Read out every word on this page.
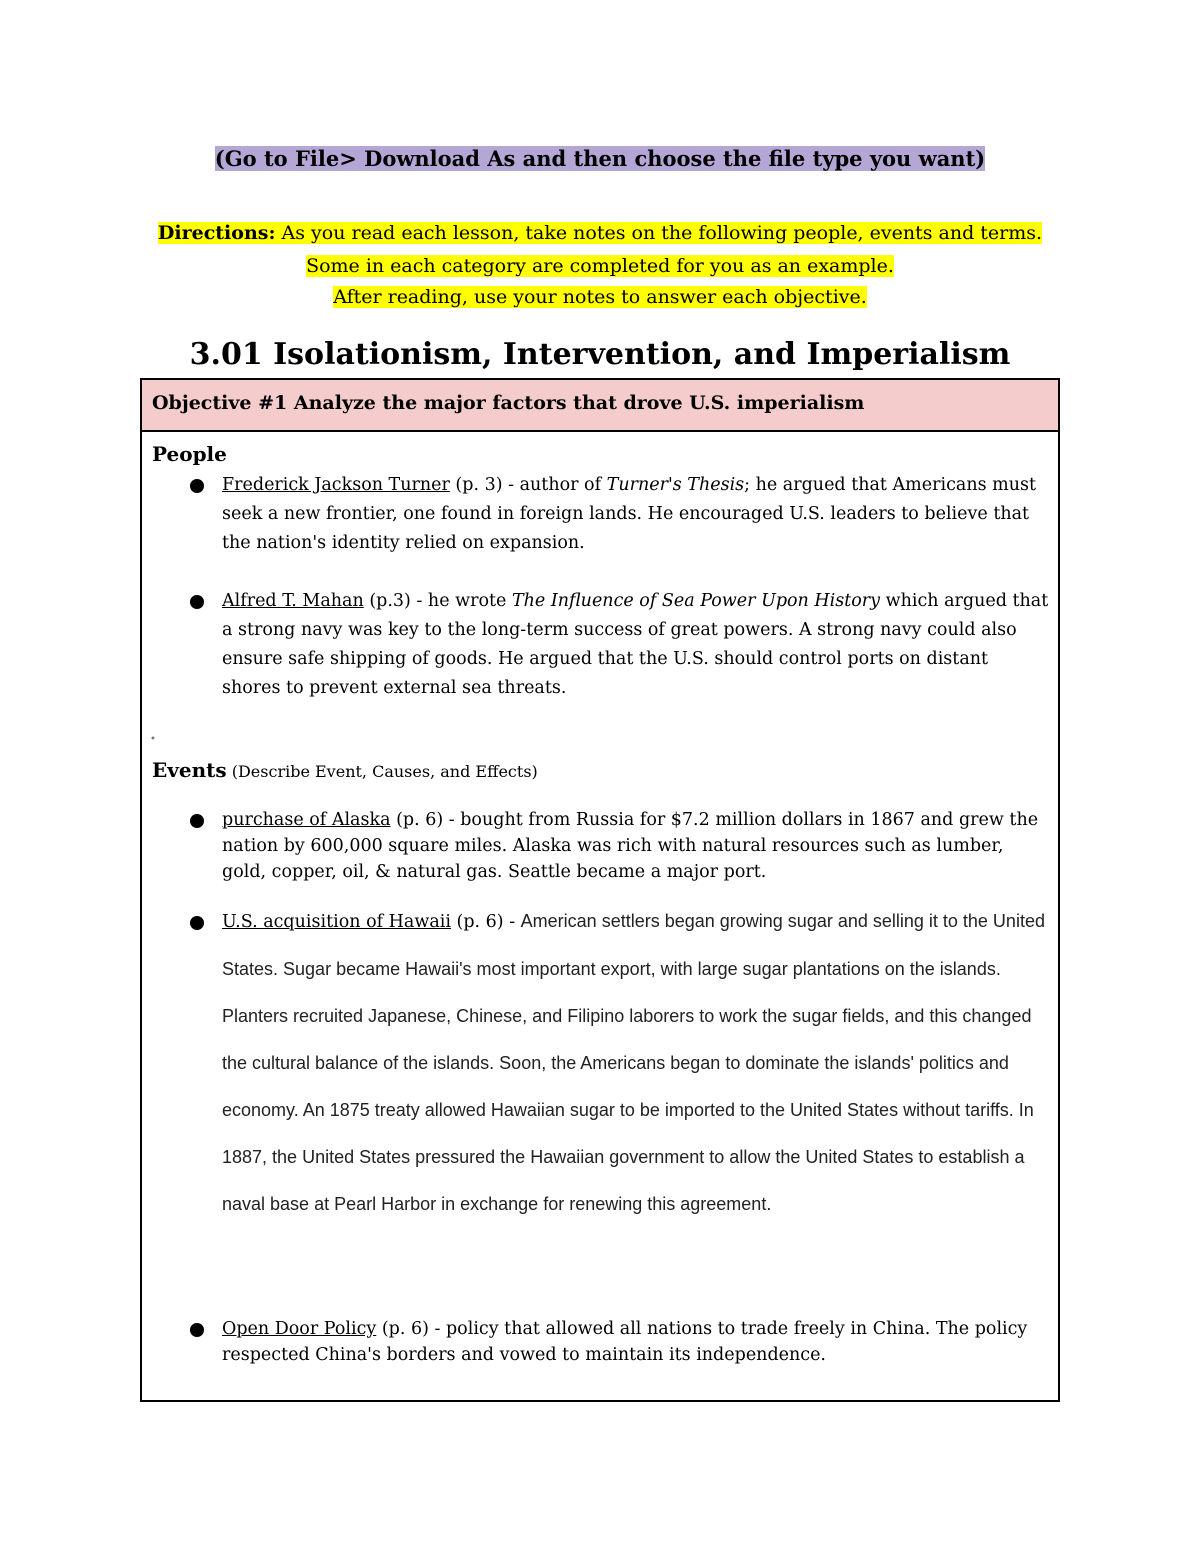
(Go to File> Download As and then choose the file type you want)
Directions: As you read each lesson, take notes on the following people, events and terms.
Some in each category are completed for you as an example.
After reading, use your notes to answer each objective.
3.01 Isolationism, Intervention, and Imperialism
Objective #1 Analyze the major factors that drove U.S. imperialism
People
Frederick Jackson Turner (p. 3) - author of Turner's Thesis; he argued that Americans must seek a new frontier, one found in foreign lands. He encouraged U.S. leaders to believe that the nation's identity relied on expansion.
Alfred T. Mahan (p.3) - he wrote The Influence of Sea Power Upon History which argued that a strong navy was key to the long-term success of great powers. A strong navy could also ensure safe shipping of goods. He argued that the U.S. should control ports on distant shores to prevent external sea threats.
•
Events (Describe Event, Causes, and Effects)
purchase of Alaska (p. 6) - bought from Russia for $7.2 million dollars in 1867 and grew the nation by 600,000 square miles. Alaska was rich with natural resources such as lumber, gold, copper, oil, & natural gas. Seattle became a major port.
U.S. acquisition of Hawaii (p. 6) - American settlers began growing sugar and selling it to the United States. Sugar became Hawaii's most important export, with large sugar plantations on the islands. Planters recruited Japanese, Chinese, and Filipino laborers to work the sugar fields, and this changed the cultural balance of the islands. Soon, the Americans began to dominate the islands' politics and economy. An 1875 treaty allowed Hawaiian sugar to be imported to the United States without tariffs. In 1887, the United States pressured the Hawaiian government to allow the United States to establish a naval base at Pearl Harbor in exchange for renewing this agreement.
Open Door Policy (p. 6) - policy that allowed all nations to trade freely in China. The policy respected China's borders and vowed to maintain its independence.
